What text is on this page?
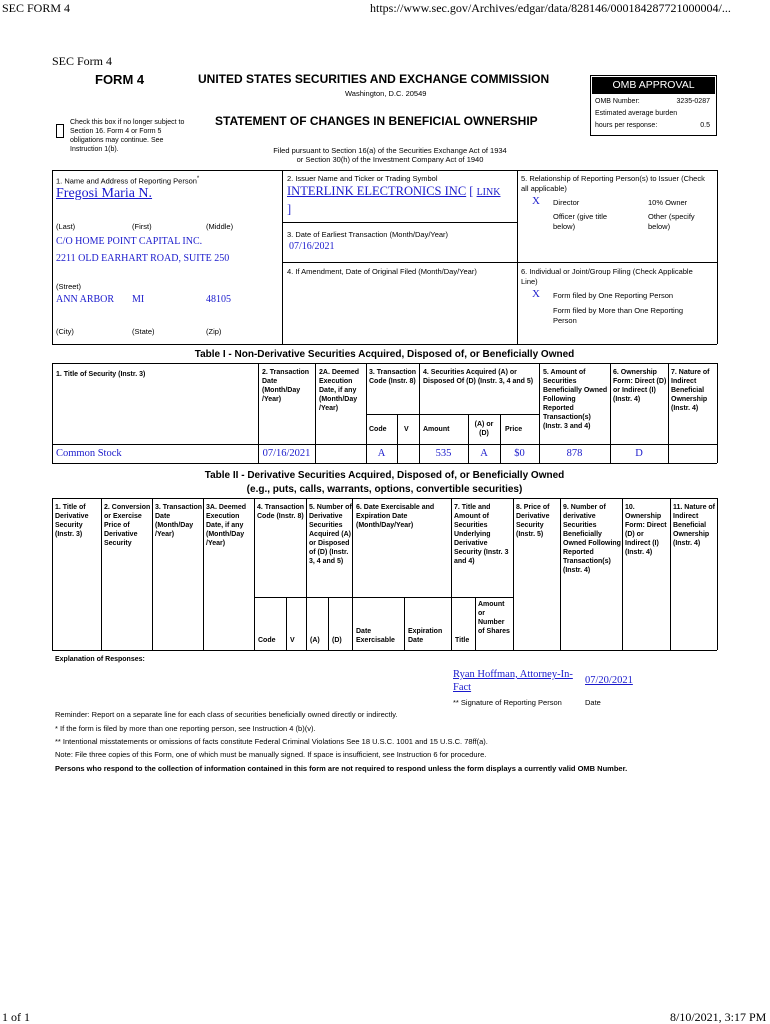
SEC FORM 4	https://www.sec.gov/Archives/edgar/data/828146/000184287721000004/...
1 of 1	8/10/2021, 3:17 PM
SEC Form 4
FORM 4	UNITED STATES SECURITIES AND EXCHANGE COMMISSION
Washington, D.C. 20549
Check this box if no longer subject to Section 16. Form 4 or Form 5 obligations may continue. See Instruction 1(b).
STATEMENT OF CHANGES IN BENEFICIAL OWNERSHIP
Filed pursuant to Section 16(a) of the Securities Exchange Act of 1934
or Section 30(h) of the Investment Company Act of 1940
OMB APPROVAL
OMB Number:	3235-0287
Estimated average burden
hours per response:	0.5
1. Name and Address of Reporting Person*
Fregosi Maria N.
(Last)	(First)	(Middle)
C/O HOME POINT CAPITAL INC.
2211 OLD EARHART ROAD, SUITE 250
(Street)
ANN ARBOR MI	48105
(City)	(State)	(Zip)
2. Issuer Name and Ticker or Trading Symbol
INTERLINK ELECTRONICS INC [ LINK
]
3. Date of Earliest Transaction (Month/Day/Year)
07/16/2021
4. If Amendment, Date of Original Filed (Month/Day/Year)
5. Relationship of Reporting Person(s) to Issuer (Check all applicable)
X Director	10% Owner
Officer (give title below)
Other (specify below)
6. Individual or Joint/Group Filing (Check Applicable Line)
X Form filed by One Reporting Person
Form filed by More than One Reporting Person
Table I - Non-Derivative Securities Acquired, Disposed of, or Beneficially Owned
1. Title of Security (Instr. 3)	2. Transaction Date (Month/Day /Year)
2A. Deemed Execution Date, if any (Month/Day /Year)
3. Transaction Code (Instr. 8)
4. Securities Acquired (A) or Disposed Of (D) (Instr. 3, 4 and 5)
5. Amount of Securities Beneficially Owned Following Reported Transaction(s) (Instr. 3 and 4)
6. Ownership Form: Direct (D) or Indirect (I) (Instr. 4)
7. Nature of Indirect Beneficial Ownership (Instr. 4)
Code	V Amount
(A) or (D)
Price
Common Stock	07/16/2021	A	535	A	$0	878	D
Table II - Derivative Securities Acquired, Disposed of, or Beneficially Owned
(e.g., puts, calls, warrants, options, convertible securities)
1. Title of Derivative Security (Instr. 3)
2. Conversion or Exercise Price of Derivative Security
3. Transaction Date (Month/Day /Year)
3A. Deemed Execution Date, if any (Month/Day /Year)
4. Transaction Code (Instr. 8)
5. Number of Derivative Securities Acquired (A) or Disposed of (D) (Instr. 3, 4 and 5)
6. Date Exercisable and Expiration Date (Month/Day/Year)
7. Title and Amount of Securities Underlying Derivative Security (Instr. 3 and 4)
8. Price of Derivative Security (Instr. 5)
9. Number of derivative Securities Beneficially Owned Following Reported Transaction(s) (Instr. 4)
10. Ownership Form: Direct (D) or Indirect (I) (Instr. 4)
11. Nature of Indirect Beneficial Ownership (Instr. 4)
Code V (A) (D)
Date Exercisable
Expiration Date	Title
Amount or Number of Shares
Explanation of Responses:
Ryan Hoffman, Attorney-In-Fact
07/20/2021
** Signature of Reporting Person	Date
Reminder: Report on a separate line for each class of securities beneficially owned directly or indirectly.
* If the form is filed by more than one reporting person, see Instruction 4 (b)(v).
** Intentional misstatements or omissions of facts constitute Federal Criminal Violations See 18 U.S.C. 1001 and 15 U.S.C. 78ff(a).
Note: File three copies of this Form, one of which must be manually signed. If space is insufficient, see Instruction 6 for procedure.
Persons who respond to the collection of information contained in this form are not required to respond unless the form displays a currently valid OMB Number.
